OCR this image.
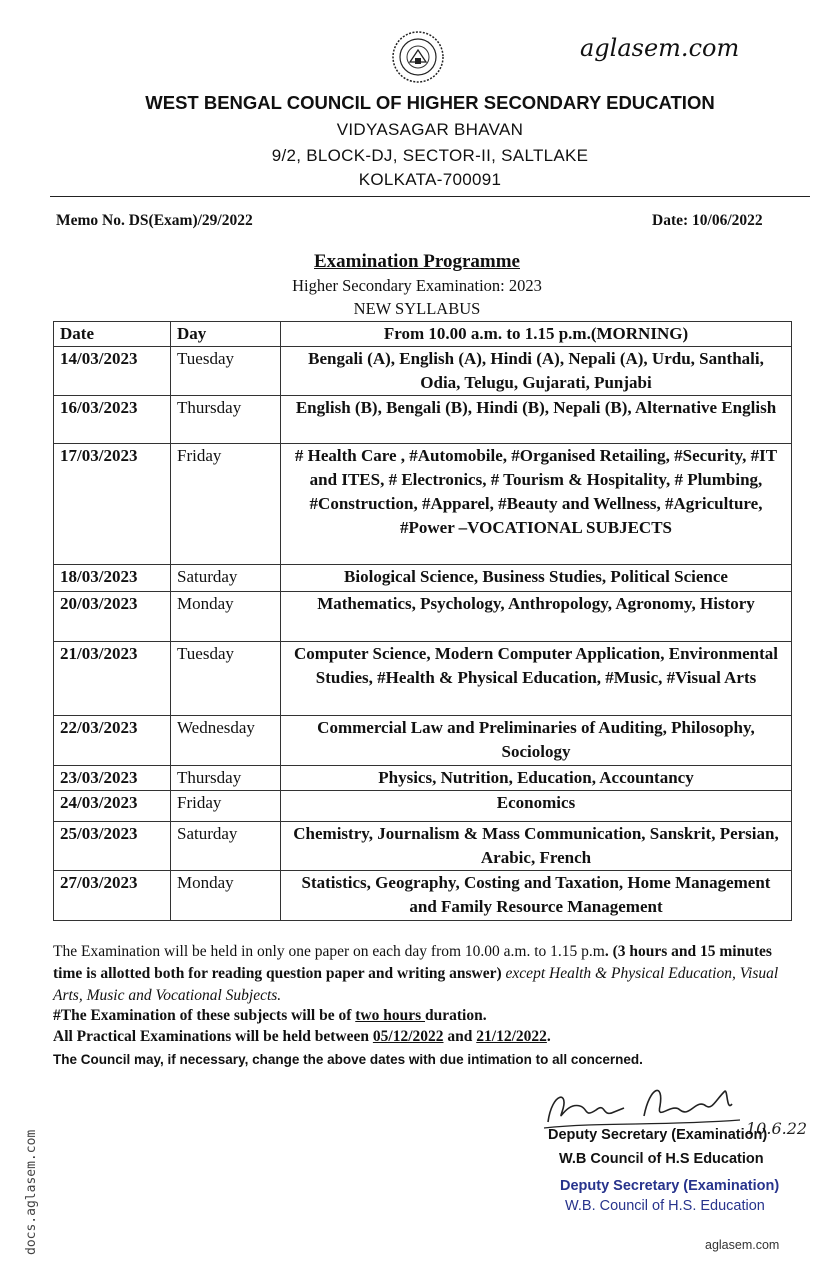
aglasem.com
WEST BENGAL COUNCIL OF HIGHER SECONDARY EDUCATION
VIDYASAGAR BHAVAN
9/2, BLOCK-DJ, SECTOR-II, SALTLAKE
KOLKATA-700091
Memo No. DS(Exam)/29/2022	Date: 10/06/2022
Examination Programme
Higher Secondary Examination: 2023
NEW SYLLABUS
Date	Day	From 10.00 a.m. to 1.15 p.m.(MORNING)
14/03/2023	Tuesday	Bengali (A), English (A), Hindi (A), Nepali (A), Urdu, Santhali, Odia, Telugu, Gujarati, Punjabi
16/03/2023	Thursday	English (B), Bengali (B), Hindi (B), Nepali (B), Alternative English
17/03/2023	Friday	# Health Care , #Automobile, #Organised Retailing, #Security, #IT and ITES, # Electronics, # Tourism & Hospitality, # Plumbing, #Construction, #Apparel, #Beauty and Wellness, #Agriculture, #Power –VOCATIONAL SUBJECTS
18/03/2023	Saturday	Biological Science, Business Studies, Political Science
20/03/2023	Monday	Mathematics, Psychology, Anthropology, Agronomy, History
21/03/2023	Tuesday	Computer Science, Modern Computer Application, Environmental Studies, #Health & Physical Education, #Music, #Visual Arts
22/03/2023	Wednesday	Commercial Law and Preliminaries of Auditing, Philosophy, Sociology
23/03/2023	Thursday	Physics, Nutrition, Education, Accountancy
24/03/2023	Friday	Economics
25/03/2023	Saturday	Chemistry, Journalism & Mass Communication, Sanskrit, Persian, Arabic, French
27/03/2023	Monday	Statistics, Geography, Costing and Taxation, Home Management and Family Resource Management
The Examination will be held in only one paper on each day from 10.00 a.m. to 1.15 p.m. (3 hours and 15 minutes time is allotted both for reading question paper and writing answer) except Health & Physical Education, Visual Arts, Music and Vocational Subjects.
#The Examination of these subjects will be of two hours duration.
All Practical Examinations will be held between 05/12/2022 and 21/12/2022.
The Council may, if necessary, change the above dates with due intimation to all concerned.
10.6.22
Deputy Secretary (Examination)
W.B Council of H.S Education
Deputy Secretary (Examination)
W.B. Council of H.S. Education
docs.aglasem.com	aglasem.com
